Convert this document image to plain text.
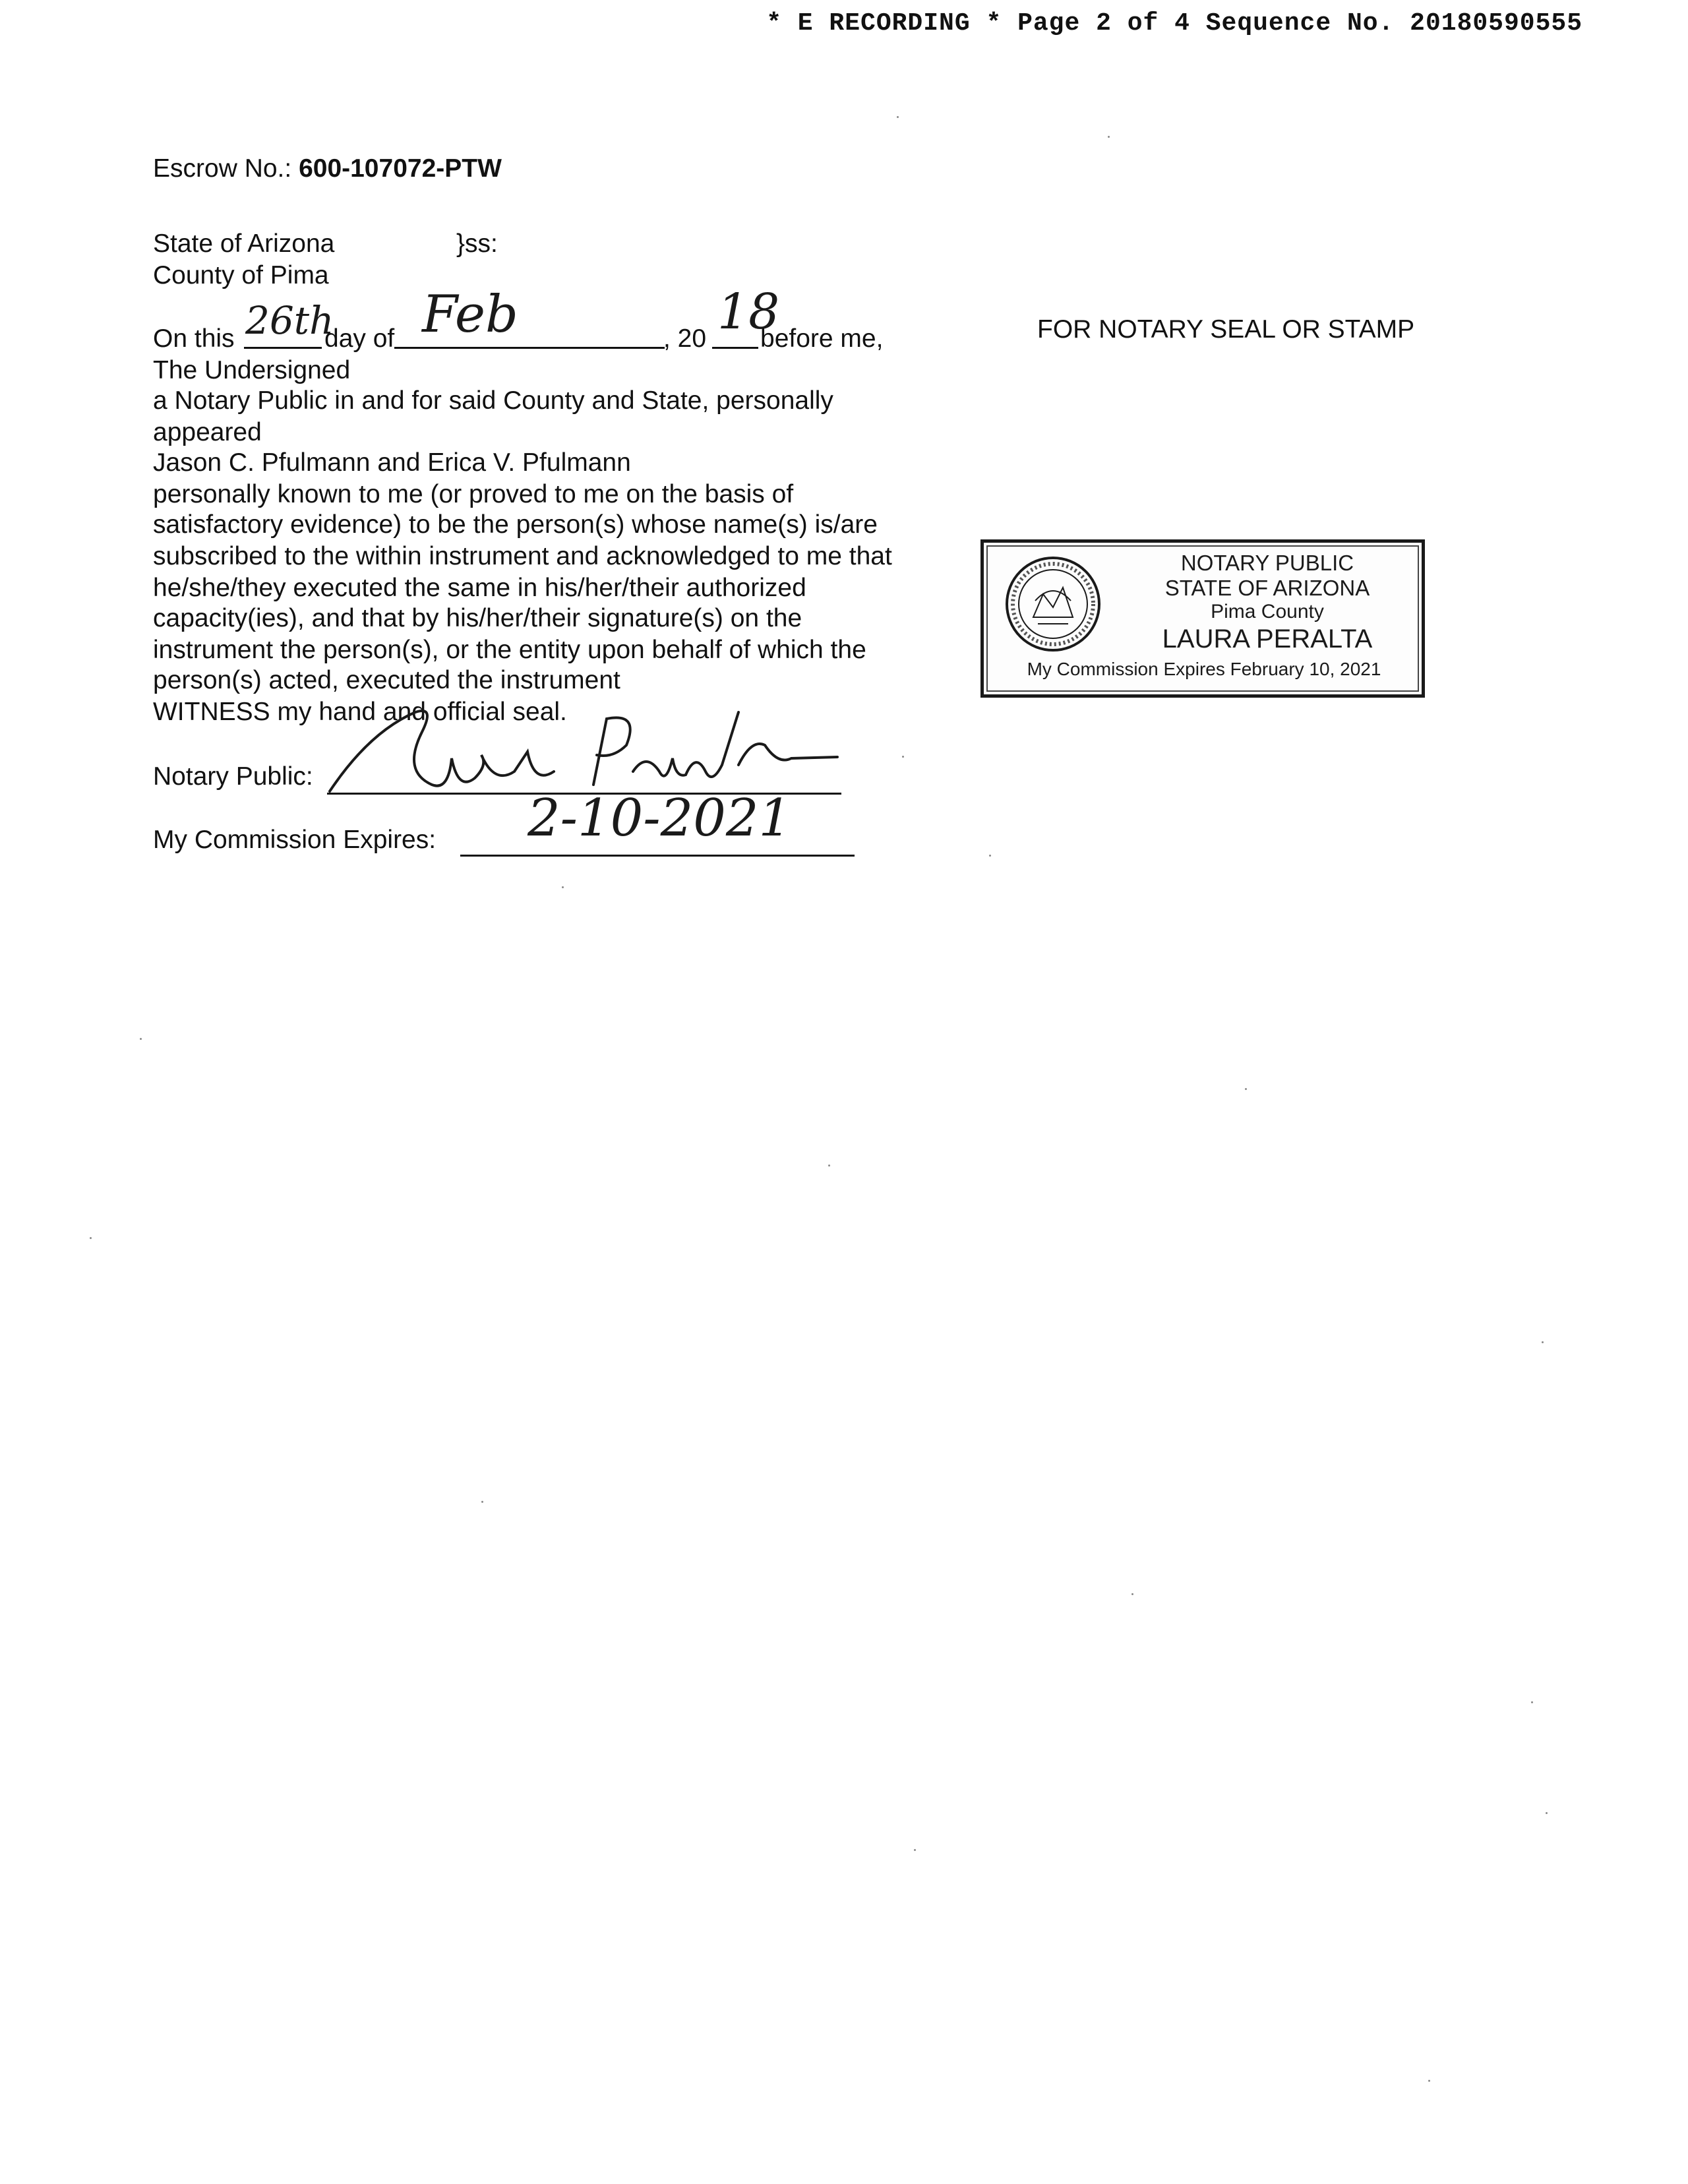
* E RECORDING * Page 2 of 4 Sequence No. 20180590555
Escrow No.: 600-107072-PTW
State of Arizona	}ss:
County of Pima
On this 26th
day of Feb	, 20 18
before me,
The Undersigned
a Notary Public in and for said County and State, personally
appeared
Jason C. Pfulmann and Erica V. Pfulmann
personally known to me (or proved to me on the basis of
satisfactory evidence) to be the person(s) whose name(s) is/are
subscribed to the within instrument and acknowledged to me that
he/she/they executed the same in his/her/their authorized
capacity(ies), and that by his/her/their signature(s) on the
instrument the person(s), or the entity upon behalf of which the
person(s) acted, executed the instrument
WITNESS my hand and official seal.
Notary Public:
My Commission Expires: 2-10-2021
FOR NOTARY SEAL OR STAMP
NOTARY PUBLIC
STATE OF ARIZONA
Pima County
LAURA PERALTA
My Commission Expires February 10, 2021
